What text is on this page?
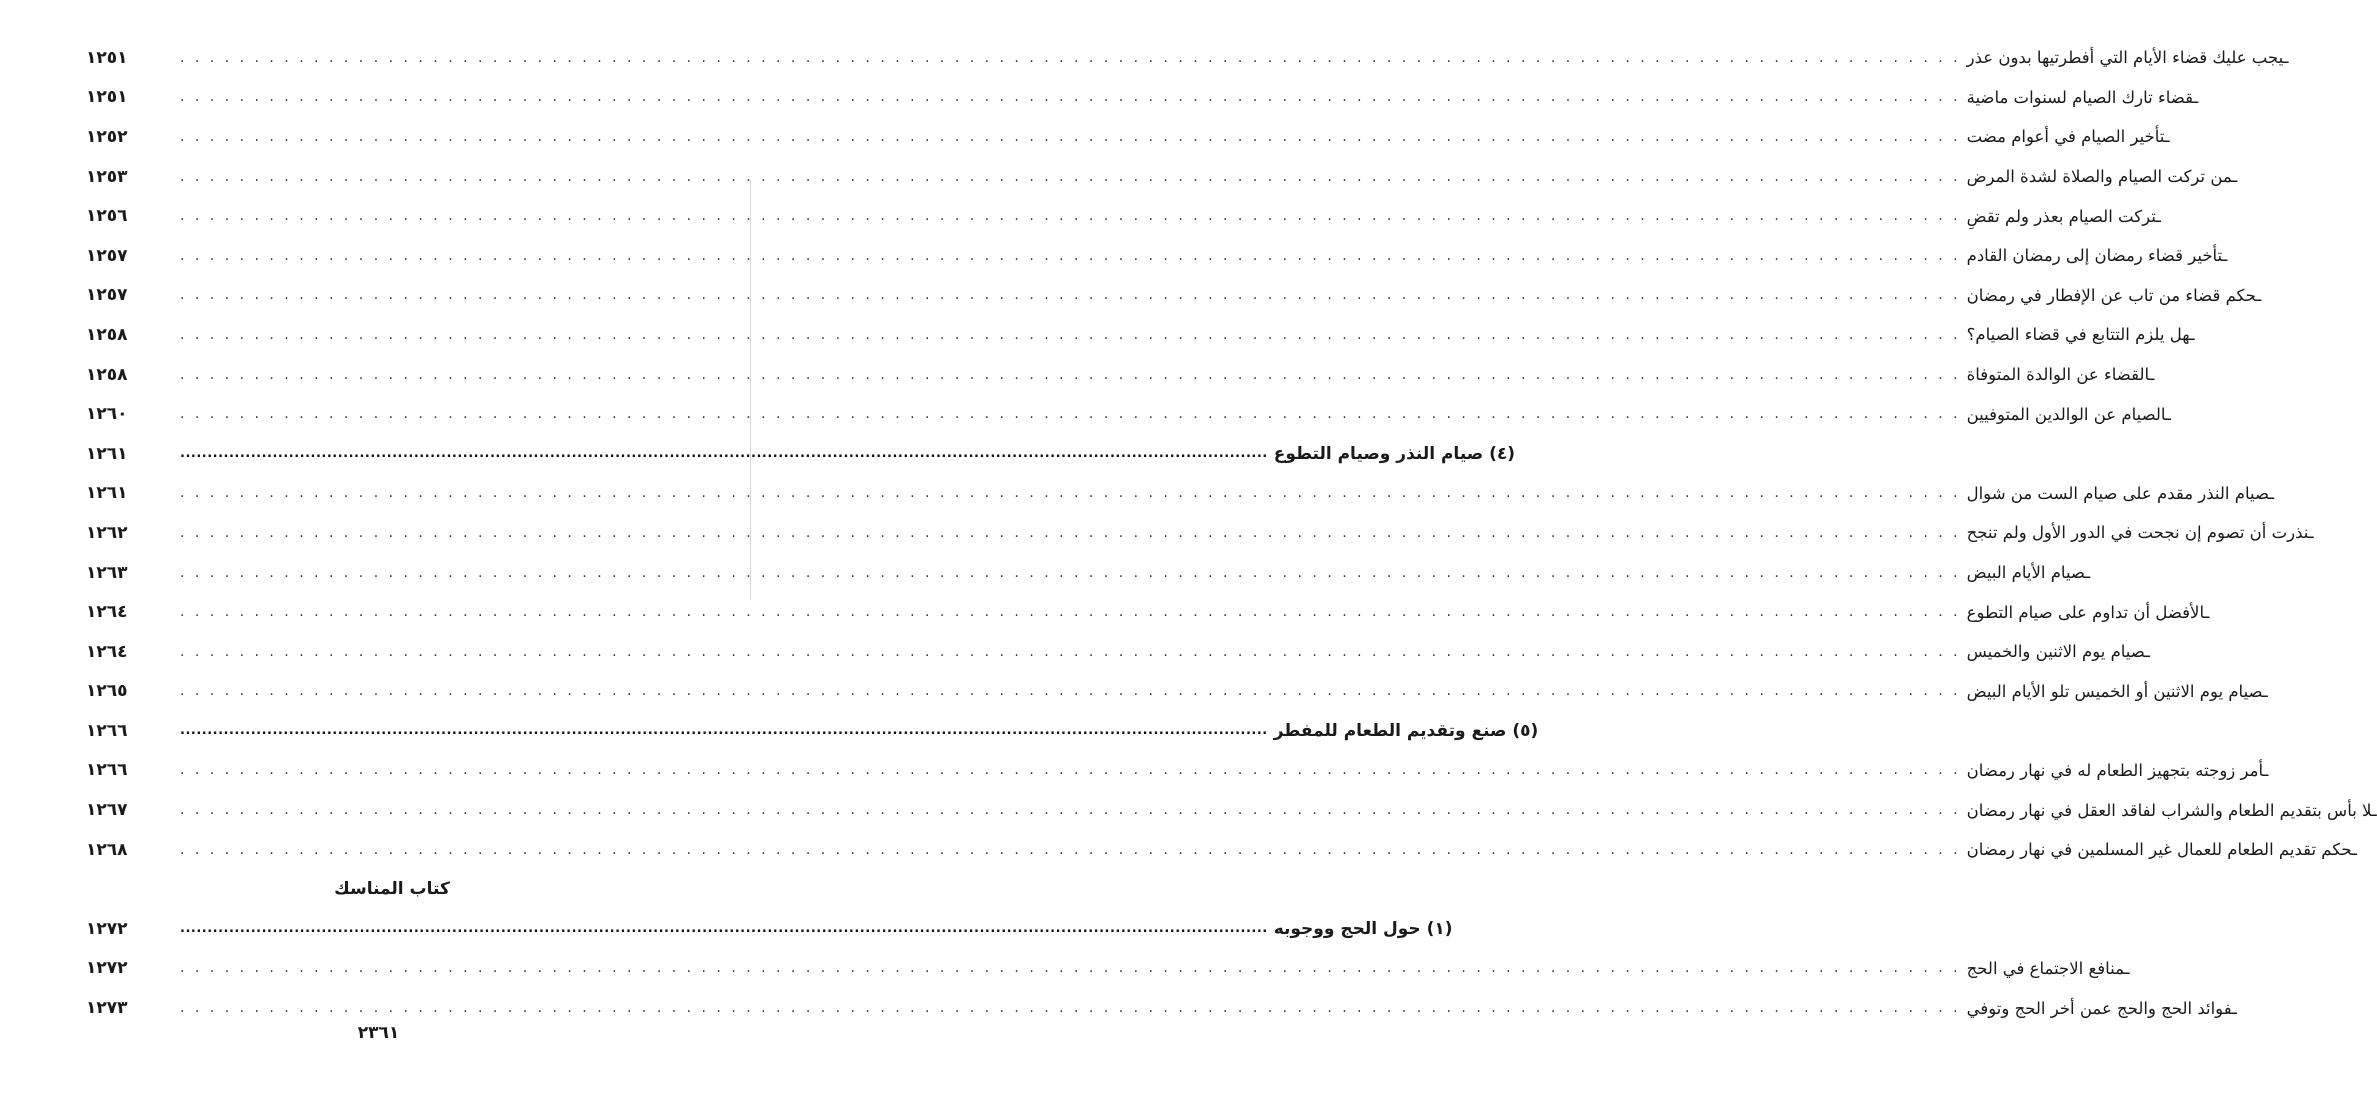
١٢٥١	. . . . . . . . . . . . . . . . . . . . . . . . . . . . . . . . . . . . . . . . . . . . . . . . . . . . . . . . . . . . . . . . . . . . . . . . . . . . . . . . . . . . . . . . . . . . . . . . . . . . . . . . . . . . . . . . . . . . . . . . ـيجب عليك قضاء الأيام التي أفطرتيها بدون عذر
١٢٥١	. . . . . . . . . . . . . . . . . . . . . . . . . . . . . . . . . . . . . . . . . . . . . . . . . . . . . . . . . . . . . . . . . . . . . . . . . . . . . . . . . . . . . . . . . . . . . . . . . . . . . . . . . . . . . . . . . . . . . . . . ـقضاء تارك الصيام لسنوات ماضية
١٢٥٢	. . . . . . . . . . . . . . . . . . . . . . . . . . . . . . . . . . . . . . . . . . . . . . . . . . . . . . . . . . . . . . . . . . . . . . . . . . . . . . . . . . . . . . . . . . . . . . . . . . . . . . . . . . . . . . . . . . . . . . . . ـتأخير الصيام في أعوام مضت
١٢٥٣	. . . . . . . . . . . . . . . . . . . . . . . . . . . . . . . . . . . . . . . . . . . . . . . . . . . . . . . . . . . . . . . . . . . . . . . . . . . . . . . . . . . . . . . . . . . . . . . . . . . . . . . . . . . . . . . . . . . . . . . . ـمن تركت الصيام والصلاة لشدة المرض
١٢٥٦	. . . . . . . . . . . . . . . . . . . . . . . . . . . . . . . . . . . . . . . . . . . . . . . . . . . . . . . . . . . . . . . . . . . . . . . . . . . . . . . . . . . . . . . . . . . . . . . . . . . . . . . . . . . . . . . . . . . . . . . . ـتركت الصيام بعذر ولم تقضِ
١٢٥٧	. . . . . . . . . . . . . . . . . . . . . . . . . . . . . . . . . . . . . . . . . . . . . . . . . . . . . . . . . . . . . . . . . . . . . . . . . . . . . . . . . . . . . . . . . . . . . . . . . . . . . . . . . . . . . . . . . . . . . . . . ـتأخير قضاء رمضان إلى رمضان القادم
١٢٥٧	. . . . . . . . . . . . . . . . . . . . . . . . . . . . . . . . . . . . . . . . . . . . . . . . . . . . . . . . . . . . . . . . . . . . . . . . . . . . . . . . . . . . . . . . . . . . . . . . . . . . . . . . . . . . . . . . . . . . . . . . ـحكم قضاء من تاب عن الإفطار في رمضان
١٢٥٨	. . . . . . . . . . . . . . . . . . . . . . . . . . . . . . . . . . . . . . . . . . . . . . . . . . . . . . . . . . . . . . . . . . . . . . . . . . . . . . . . . . . . . . . . . . . . . . . . . . . . . . . . . . . . . . . . . . . . . . . . ـهل يلزم التتابع في قضاء الصيام؟
١٢٥٨	. . . . . . . . . . . . . . . . . . . . . . . . . . . . . . . . . . . . . . . . . . . . . . . . . . . . . . . . . . . . . . . . . . . . . . . . . . . . . . . . . . . . . . . . . . . . . . . . . . . . . . . . . . . . . . . . . . . . . . . . ـالقضاء عن الوالدة المتوفاة
١٢٦٠	. . . . . . . . . . . . . . . . . . . . . . . . . . . . . . . . . . . . . . . . . . . . . . . . . . . . . . . . . . . . . . . . . . . . . . . . . . . . . . . . . . . . . . . . . . . . . . . . . . . . . . . . . . . . . . . . . . . . . . . . ـالصيام عن الوالدين المتوفيين
١٢٦١	........................................................................................................................................................................................................ (٤) صيام النذر وصيام التطوع
١٢٦١	. . . . . . . . . . . . . . . . . . . . . . . . . . . . . . . . . . . . . . . . . . . . . . . . . . . . . . . . . . . . . . . . . . . . . . . . . . . . . . . . . . . . . . . . . . . . . . . . . . . . . . . . . . . . . . . . . . . . . . . . ـصيام النذر مقدم على صيام الست من شوال
١٢٦٢	. . . . . . . . . . . . . . . . . . . . . . . . . . . . . . . . . . . . . . . . . . . . . . . . . . . . . . . . . . . . . . . . . . . . . . . . . . . . . . . . . . . . . . . . . . . . . . . . . . . . . . . . . . . . . . . . . . . . . . . . ـنذرت أن تصوم إن نجحت في الدور الأول ولم تنجح
١٢٦٣	. . . . . . . . . . . . . . . . . . . . . . . . . . . . . . . . . . . . . . . . . . . . . . . . . . . . . . . . . . . . . . . . . . . . . . . . . . . . . . . . . . . . . . . . . . . . . . . . . . . . . . . . . . . . . . . . . . . . . . . . ـصيام الأيام البيض
١٢٦٤	. . . . . . . . . . . . . . . . . . . . . . . . . . . . . . . . . . . . . . . . . . . . . . . . . . . . . . . . . . . . . . . . . . . . . . . . . . . . . . . . . . . . . . . . . . . . . . . . . . . . . . . . . . . . . . . . . . . . . . . . ـالأفضل أن تداوم على صيام التطوع
١٢٦٤	. . . . . . . . . . . . . . . . . . . . . . . . . . . . . . . . . . . . . . . . . . . . . . . . . . . . . . . . . . . . . . . . . . . . . . . . . . . . . . . . . . . . . . . . . . . . . . . . . . . . . . . . . . . . . . . . . . . . . . . . ـصيام يوم الاثنين والخميس
١٢٦٥	. . . . . . . . . . . . . . . . . . . . . . . . . . . . . . . . . . . . . . . . . . . . . . . . . . . . . . . . . . . . . . . . . . . . . . . . . . . . . . . . . . . . . . . . . . . . . . . . . . . . . . . . . . . . . . . . . . . . . . . . ـصيام يوم الاثنين أو الخميس تلو الأيام البيض
١٢٦٦	........................................................................................................................................................................................................ (٥) صنع وتقديم الطعام للمفطر
١٢٦٦	. . . . . . . . . . . . . . . . . . . . . . . . . . . . . . . . . . . . . . . . . . . . . . . . . . . . . . . . . . . . . . . . . . . . . . . . . . . . . . . . . . . . . . . . . . . . . . . . . . . . . . . . . . . . . . . . . . . . . . . . ـأمر زوجته بتجهيز الطعام له في نهار رمضان
١٢٦٧	. . . . . . . . . . . . . . . . . . . . . . . . . . . . . . . . . . . . . . . . . . . . . . . . . . . . . . . . . . . . . . . . . . . . . . . . . . . . . . . . . . . . . . . . . . . . . . . . . . . . . . . . . . . . . . . . . . . . . . . . ـلا بأس بتقديم الطعام والشراب لفاقد العقل في نهار رمضان
١٢٦٨	. . . . . . . . . . . . . . . . . . . . . . . . . . . . . . . . . . . . . . . . . . . . . . . . . . . . . . . . . . . . . . . . . . . . . . . . . . . . . . . . . . . . . . . . . . . . . . . . . . . . . . . . . . . . . . . . . . . . . . . . ـحكم تقديم الطعام للعمال غير المسلمين في نهار رمضان
كتاب المناسك
١٢٧٢	........................................................................................................................................................................................................ (١) حول الحج ووجوبه
١٢٧٢	. . . . . . . . . . . . . . . . . . . . . . . . . . . . . . . . . . . . . . . . . . . . . . . . . . . . . . . . . . . . . . . . . . . . . . . . . . . . . . . . . . . . . . . . . . . . . . . . . . . . . . . . . . . . . . . . . . . . . . . . ـمنافع الاجتماع في الحج
١٢٧٣	. . . . . . . . . . . . . . . . . . . . . . . . . . . . . . . . . . . . . . . . . . . . . . . . . . . . . . . . . . . . . . . . . . . . . . . . . . . . . . . . . . . . . . . . . . . . . . . . . . . . . . . . . . . . . . . . . . . . . . . . ـفوائد الحج والحج عمن أخر الحج وتوفي
٢٣٦١
